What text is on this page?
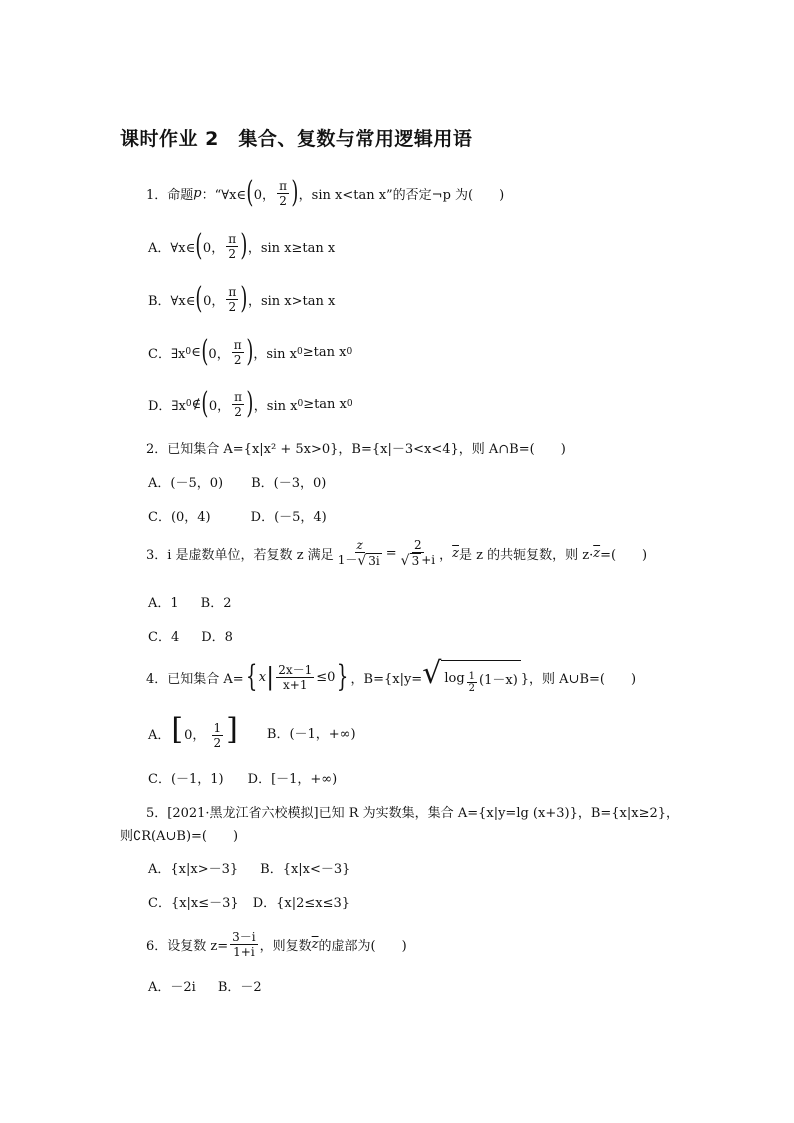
课时作业 2　集合、复数与常用逻辑用语
1．命题 p ：“∀x∈ ( 0， $\frac{\pi}{2}$ ) ，sin x<tan x”的否定¬p 为(　　)
A．∀x∈ ( 0， $\frac{\pi}{2}$ ) ，sin x≥tan x
B．∀x∈ ( 0， $\frac{\pi}{2}$ ) ，sin x>tan x
C．∃x 0 ∈ ( 0， $\frac{\pi}{2}$ ) ，sin x 0 ≥tan x 0
D．∃x 0 ∉ ( 0， $\frac{\pi}{2}$ ) ，sin x 0 ≥tan x 0
2．已知集合 A={x|x² + 5x>0}，B={x|－3<x<4}，则 A∩B=(　　)
A．(－5，0) B．(－3，0)
C．(0，4)	D．(－5，4)
3．i 是虚数单位，若复数 z 满足 $\frac{z}{1- √ 3i} = \frac{2}{√ 3 +i}$ ， $\overline{z}$ 是 z 的共轭复数，则 $z\cdot \overline{z}$ =(　　)
A．1 B．2
C．4 D．8
4．已知集合 A= { x | $\frac{2x-1}{x+1} \le 0$ } ，B={x|y= √ $\log \frac{1}{2} (1-x)$ }，则 A∪B=(　　)
A．[0， $\frac{1}{2}$ ] B．(－1，+∞)
C．(－1，1) D．[－1，+∞)
5．[2021·黑龙江省六校模拟]已知 R 为实数集，集合 A={x|y=lg (x+3)}，B={x|x≥2}，
则∁R(A∪B)=(　　)
A．{x|x>－3} B．{x|x<－3}
C．{x|x≤－3} D．{x|2≤x≤3}
6．设复数 $z= \frac{3-i}{1+i}$ ，则复数 $\overline{z}$ 的虚部为(　　)
A．－2i B．－2
